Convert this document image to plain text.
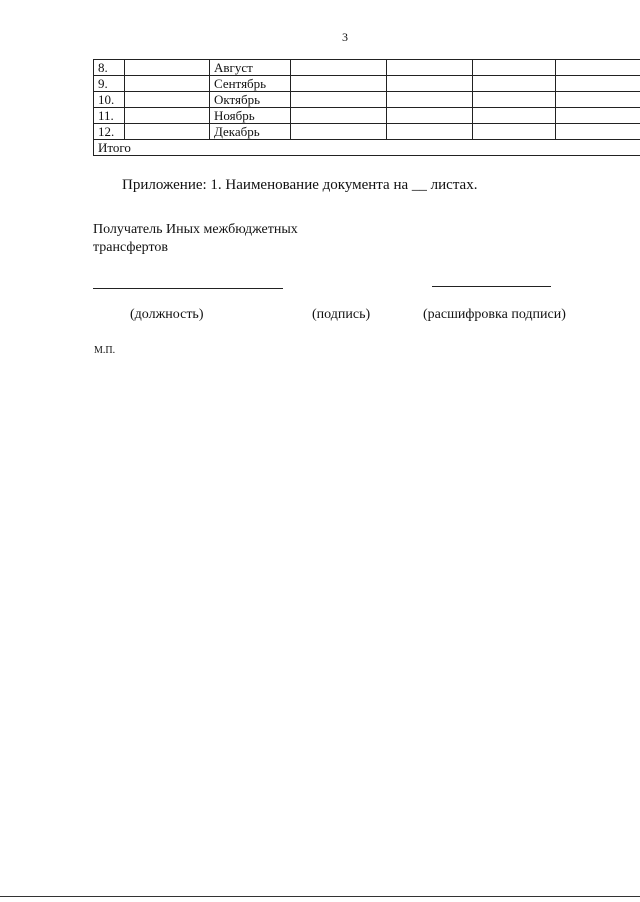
3
8.		Август				
9.		Сентябрь				
10.		Октябрь				
11.		Ноябрь				
12.		Декабрь				
Итого						
Приложение: 1. Наименование документа на __ листах.
Получатель Иных межбюджетных
трансфертов
(должность)	(подпись)	(расшифровка подписи)
М.П.
